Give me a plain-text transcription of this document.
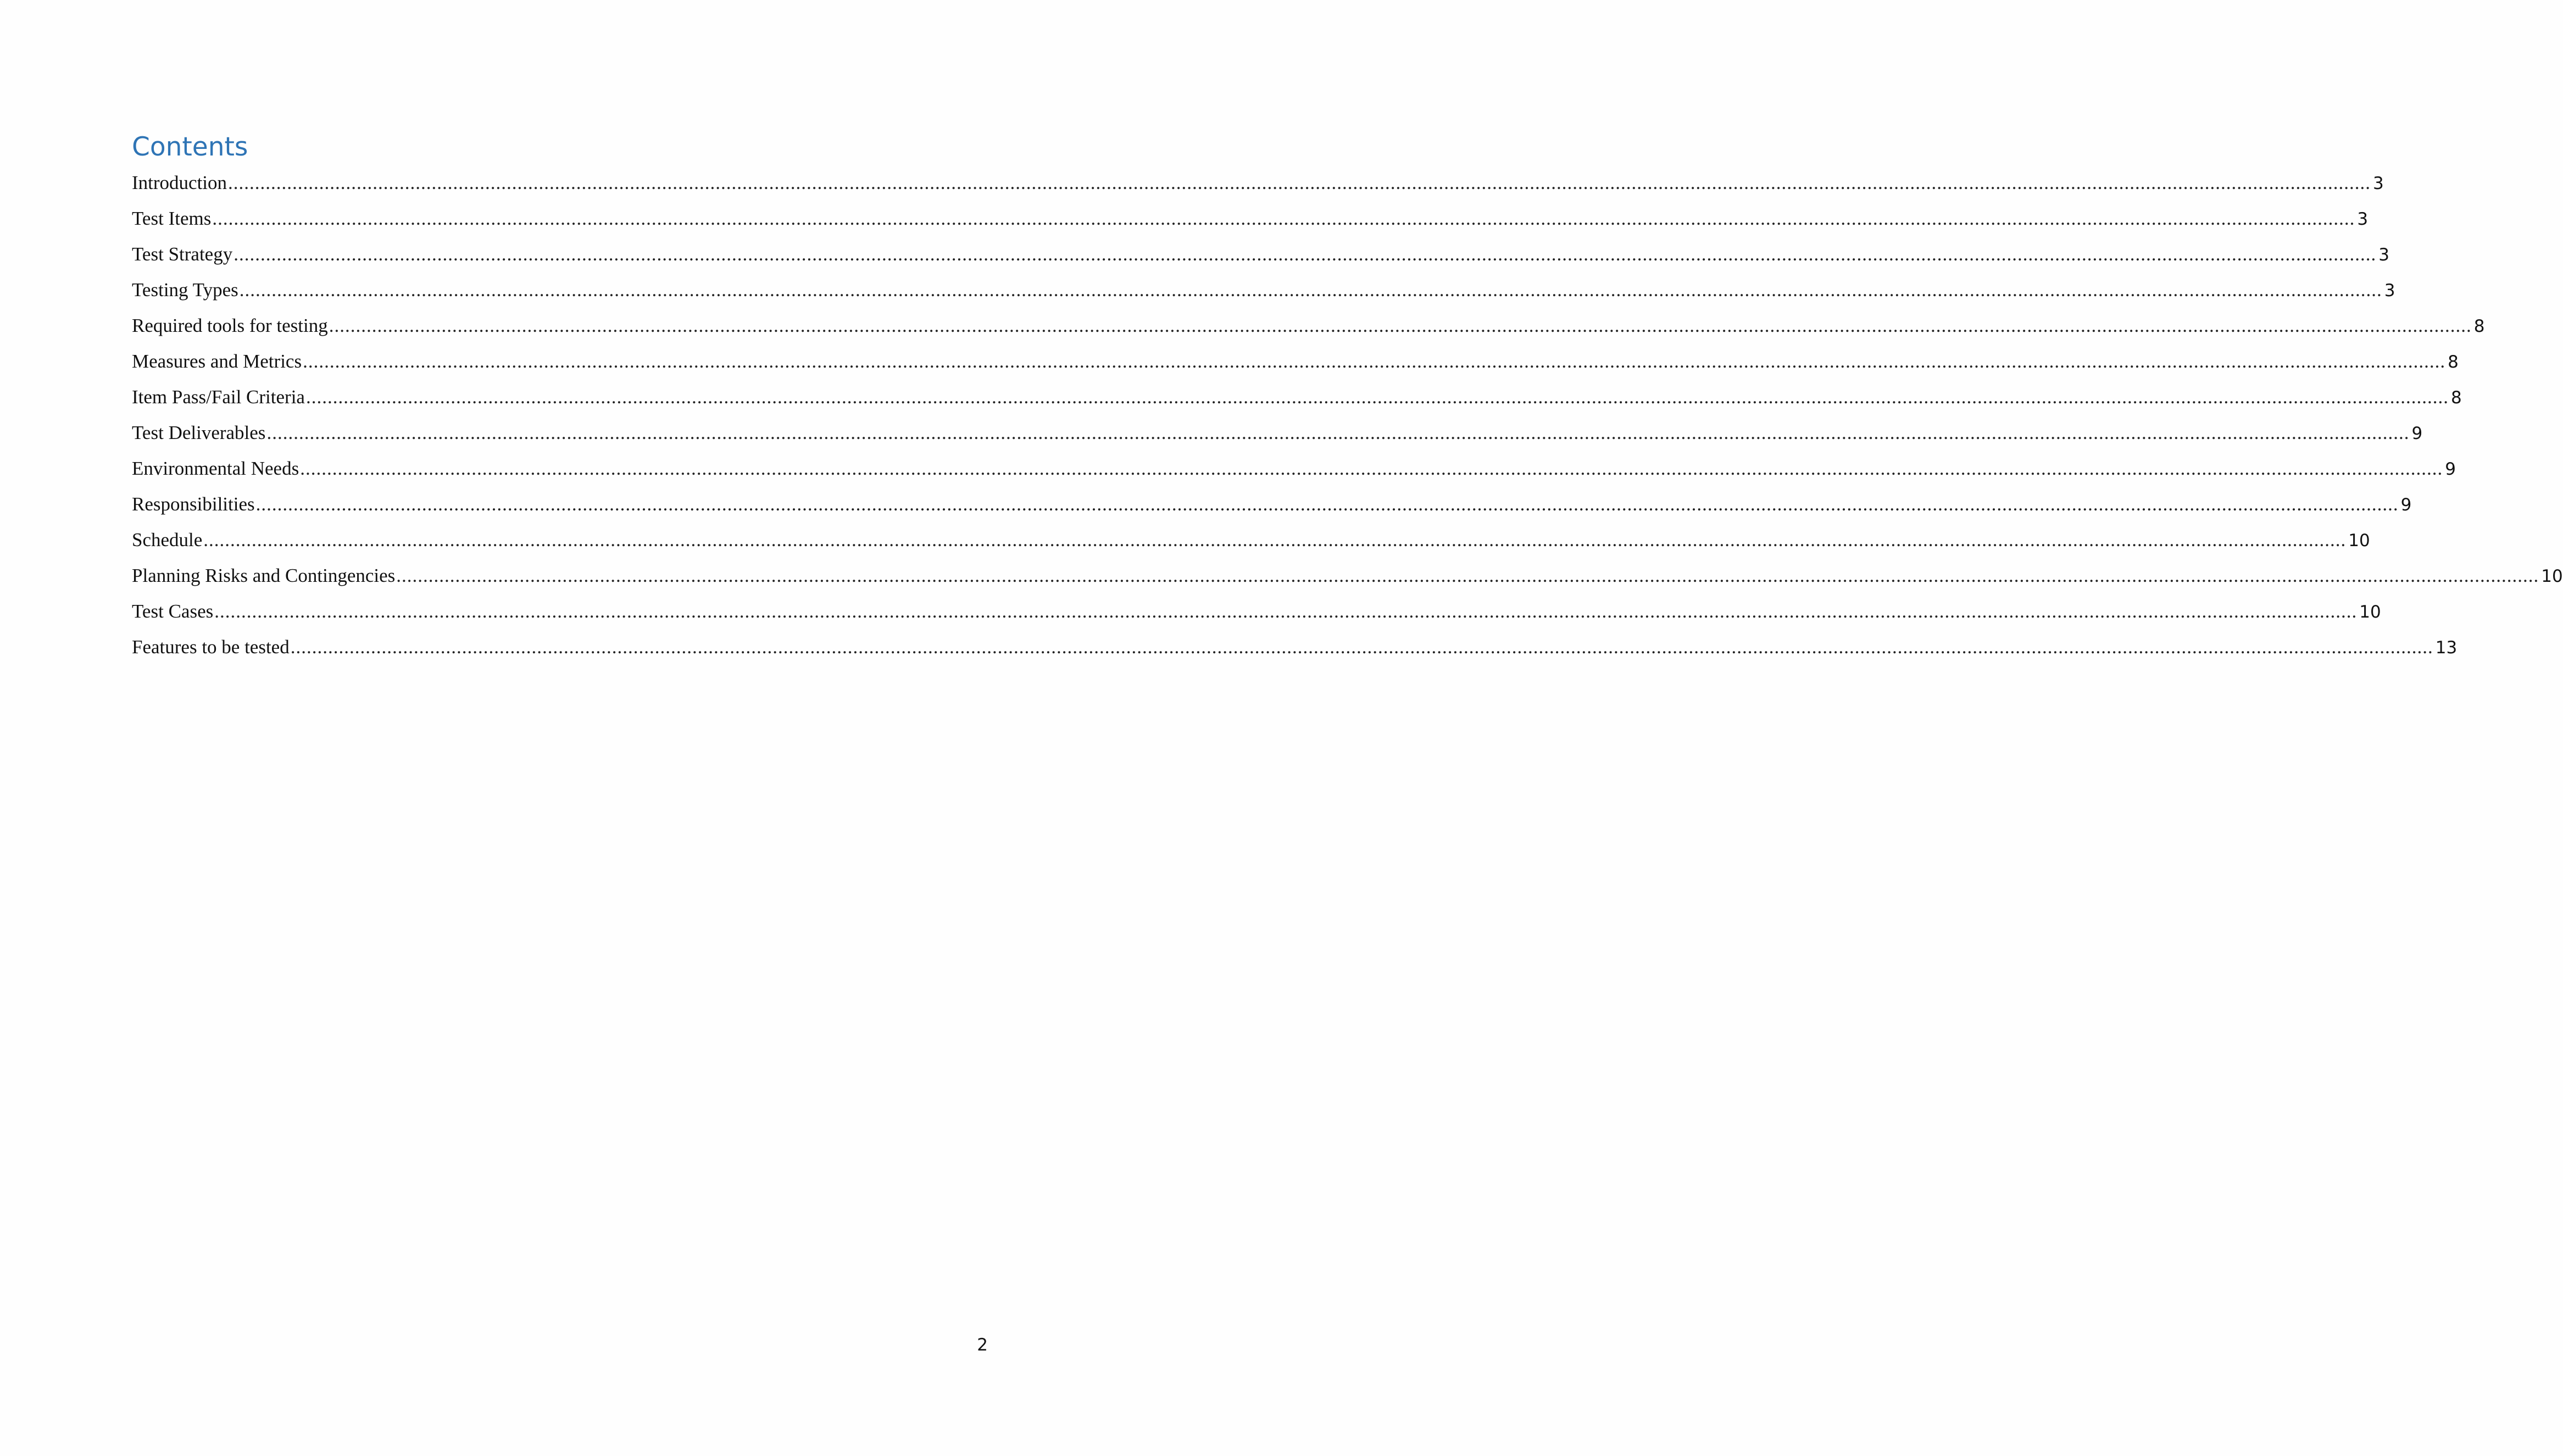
Contents
Introduction ................................................................................................................................................................................................................................................................................................................................................................................................................ 3
Test Items ................................................................................................................................................................................................................................................................................................................................................................................................................ 3
Test Strategy ................................................................................................................................................................................................................................................................................................................................................................................................................ 3
Testing Types ................................................................................................................................................................................................................................................................................................................................................................................................................ 3
Required tools for testing ................................................................................................................................................................................................................................................................................................................................................................................................................ 8
Measures and Metrics ................................................................................................................................................................................................................................................................................................................................................................................................................ 8
Item Pass/Fail Criteria ................................................................................................................................................................................................................................................................................................................................................................................................................ 8
Test Deliverables ................................................................................................................................................................................................................................................................................................................................................................................................................ 9
Environmental Needs ................................................................................................................................................................................................................................................................................................................................................................................................................ 9
Responsibilities ................................................................................................................................................................................................................................................................................................................................................................................................................ 9
Schedule ................................................................................................................................................................................................................................................................................................................................................................................................................ 10
Planning Risks and Contingencies ................................................................................................................................................................................................................................................................................................................................................................................................................ 10
Test Cases ................................................................................................................................................................................................................................................................................................................................................................................................................ 10
Features to be tested ................................................................................................................................................................................................................................................................................................................................................................................................................ 13
2
